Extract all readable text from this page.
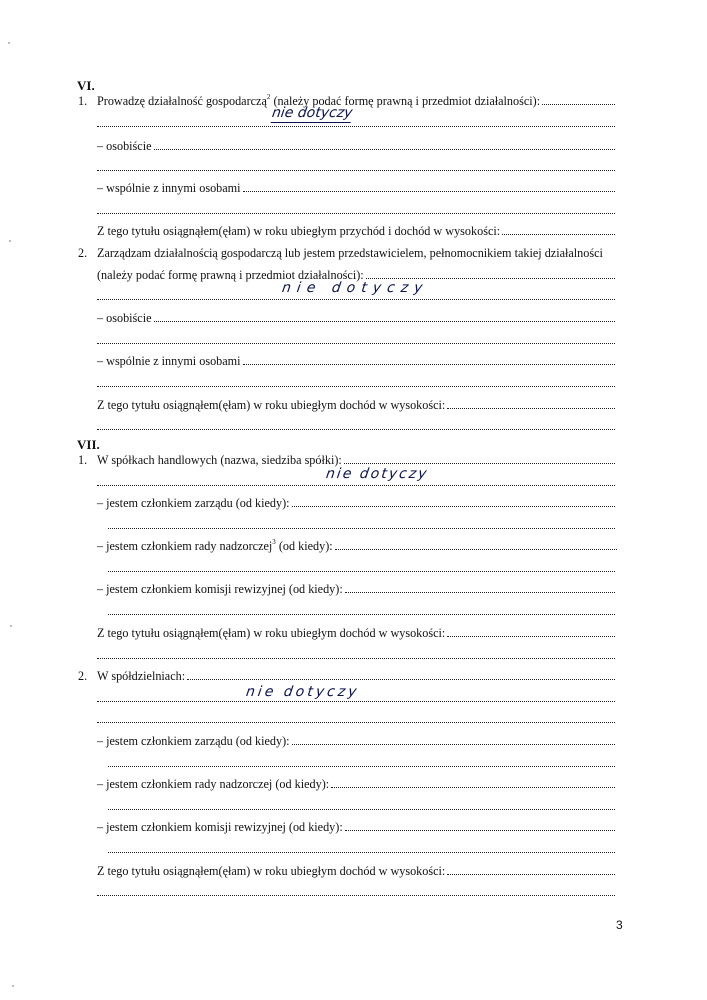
VI.
1. Prowadzę działalność gospodarczą$^2$ (należy podać formę prawną i przedmiot działalności):
nie dotyczy
– osobiście
– wspólnie z innymi osobami
Z tego tytułu osiągnąłem(ęłam) w roku ubiegłym przychód i dochód w wysokości:
2. Zarządzam działalnością gospodarczą lub jestem przedstawicielem, pełnomocnikiem takiej działalności
(należy podać formę prawną i przedmiot działalności):
nie dotyczy
– osobiście
– wspólnie z innymi osobami
Z tego tytułu osiągnąłem(ęłam) w roku ubiegłym dochód w wysokości:
VII.
1. W spółkach handlowych (nazwa, siedziba spółki):
nie dotyczy
– jestem członkiem zarządu (od kiedy):
– jestem członkiem rady nadzorczej$^3$ (od kiedy):
– jestem członkiem komisji rewizyjnej (od kiedy):
Z tego tytułu osiągnąłem(ęłam) w roku ubiegłym dochód w wysokości:
2. W spółdzielniach:
nie dotyczy
– jestem członkiem zarządu (od kiedy):
– jestem członkiem rady nadzorczej (od kiedy):
– jestem członkiem komisji rewizyjnej (od kiedy):
Z tego tytułu osiągnąłem(ęłam) w roku ubiegłym dochód w wysokości:
3
